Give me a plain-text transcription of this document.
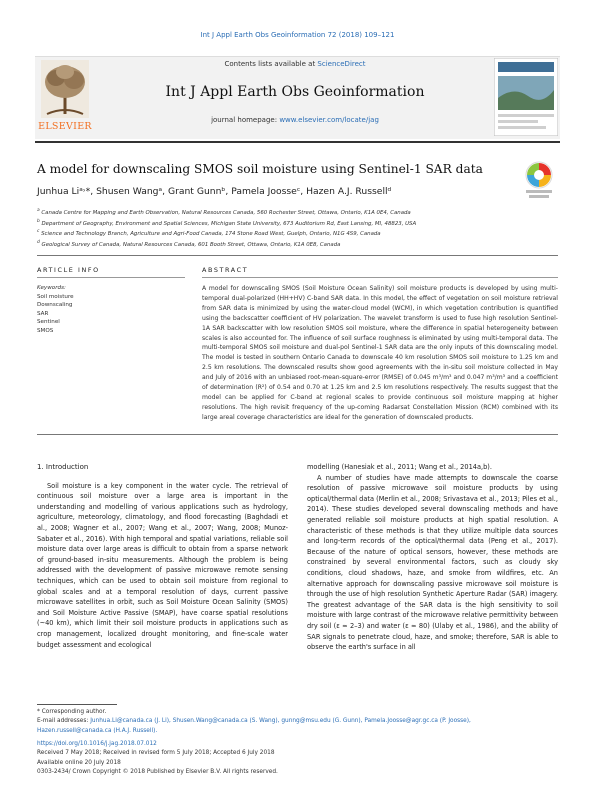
Int J Appl Earth Obs Geoinformation 72 (2018) 109–121
ELSEVIER
Contents lists available at ScienceDirect
Int J Appl Earth Obs Geoinformation
journal homepage: www.elsevier.com/locate/jag
A model for downscaling SMOS soil moisture using Sentinel-1 SAR data
Junhua Liᵃ˒*, Shusen Wangᵃ, Grant Gunnᵇ, Pamela Joosseᶜ, Hazen A.J. Russellᵈ
$^a$ Canada Centre for Mapping and Earth Observation, Natural Resources Canada, 560 Rochester Street, Ottawa, Ontario, K1A 0E4, Canada
$^b$ Department of Geography, Environment and Spatial Sciences, Michigan State University, 673 Auditorium Rd, East Lansing, MI, 48823, USA
$^c$ Science and Technology Branch, Agriculture and Agri-Food Canada, 174 Stone Road West, Guelph, Ontario, N1G 4S9, Canada
$^d$ Geological Survey of Canada, Natural Resources Canada, 601 Booth Street, Ottawa, Ontario, K1A 0E8, Canada
ARTICLE INFO
Keywords:
Soil moisture
Downscaling
SAR
Sentinel
SMOS
ABSTRACT
A model for downscaling SMOS (Soil Moisture Ocean Salinity) soil moisture products is developed by using multi-temporal dual-polarized (HH+HV) C-band SAR data. In this model, the effect of vegetation on soil moisture retrieval from SAR data is minimized by using the water-cloud model (WCM), in which vegetation contribution is quantified using the backscatter coefficient of HV polarization. The wavelet transform is used to fuse high resolution Sentinel-1A SAR backscatter with low resolution SMOS soil moisture, where the difference in spatial heterogeneity between scales is also accounted for. The influence of soil surface roughness is eliminated by using multi-temporal data. The multi-temporal SMOS soil moisture and dual-pol Sentinel-1 SAR data are the only inputs of this downscaling model. The model is tested in southern Ontario Canada to downscale 40 km resolution SMOS soil moisture to 1.25 km and 2.5 km resolutions. The downscaled results show good agreements with the in-situ soil moisture collected in May and July of 2016 with an unbiased root-mean-square-error (RMSE) of 0.045 m³/m³ and 0.047 m³/m³ and a coefficient of determination (R²) of 0.54 and 0.70 at 1.25 km and 2.5 km resolutions respectively. The results suggest that the model can be applied for C-band at regional scales to provide continuous soil moisture mapping at higher resolutions. The high revisit frequency of the up-coming Radarsat Constellation Mission (RCM) combined with its large areal coverage characteristics are ideal for the generation of downscaled products.
1. Introduction

Soil moisture is a key component in the water cycle. The retrieval of continuous soil moisture over a large area is important in the understanding and modelling of various applications such as hydrology, agriculture, meteorology, climatology, and flood forecasting (Baghdadi et al., 2008; Wagner et al., 2007; Wang et al., 2007; Wang, 2008; Munoz-Sabater et al., 2016). With high temporal and spatial variations, reliable soil moisture data over large areas is difficult to obtain from a sparse network of ground-based in-situ measurements. Although the problem is being addressed with the development of passive microwave remote sensing techniques, which can be used to obtain soil moisture from regional to global scales and at a temporal resolution of days, current passive microwave satellites in orbit, such as Soil Moisture Ocean Salinity (SMOS) and Soil Moisture Active Passive (SMAP), have coarse spatial resolutions (~40 km), which limit their soil moisture products in applications such as crop management, localized drought monitoring, and fine-scale water budget assessment and ecological

modelling (Hanesiak et al., 2011; Wang et al., 2014a,b).

A number of studies have made attempts to downscale the coarse resolution of passive microwave soil moisture products by using optical/thermal data (Merlin et al., 2008; Srivastava et al., 2013; Piles et al., 2014). These studies developed several downscaling methods and have generated reliable soil moisture products at high spatial resolution. A characteristic of these methods is that they utilize multiple data sources and long-term records of the optical/thermal data (Peng et al., 2017). Because of the nature of optical sensors, however, these methods are constrained by several environmental factors, such as cloudy sky conditions, cloud shadows, haze, and smoke from wildfires, etc. An alternative approach for downscaling passive microwave soil moisture is through the use of high resolution Synthetic Aperture Radar (SAR) imagery. The greatest advantage of the SAR data is the high sensitivity to soil moisture with large contrast of the microwave relative permittivity between dry soil (ε ≈ 2–3) and water (ε ≈ 80) (Ulaby et al., 1986), and the ability of SAR signals to penetrate cloud, haze, and smoke; therefore, SAR is able to observe the earth's surface in all

* Corresponding author.
E-mail addresses: Junhua.Li@canada.ca (J. Li), Shusen.Wang@canada.ca (S. Wang), gunng@msu.edu (G. Gunn), Pamela.Joosse@agr.gc.ca (P. Joosse),
Hazen.russell@canada.ca (H.A.J. Russell).
https://doi.org/10.1016/j.jag.2018.07.012
Received 7 May 2018; Received in revised form 5 July 2018; Accepted 6 July 2018
Available online 20 July 2018
0303-2434/ Crown Copyright © 2018 Published by Elsevier B.V. All rights reserved.
